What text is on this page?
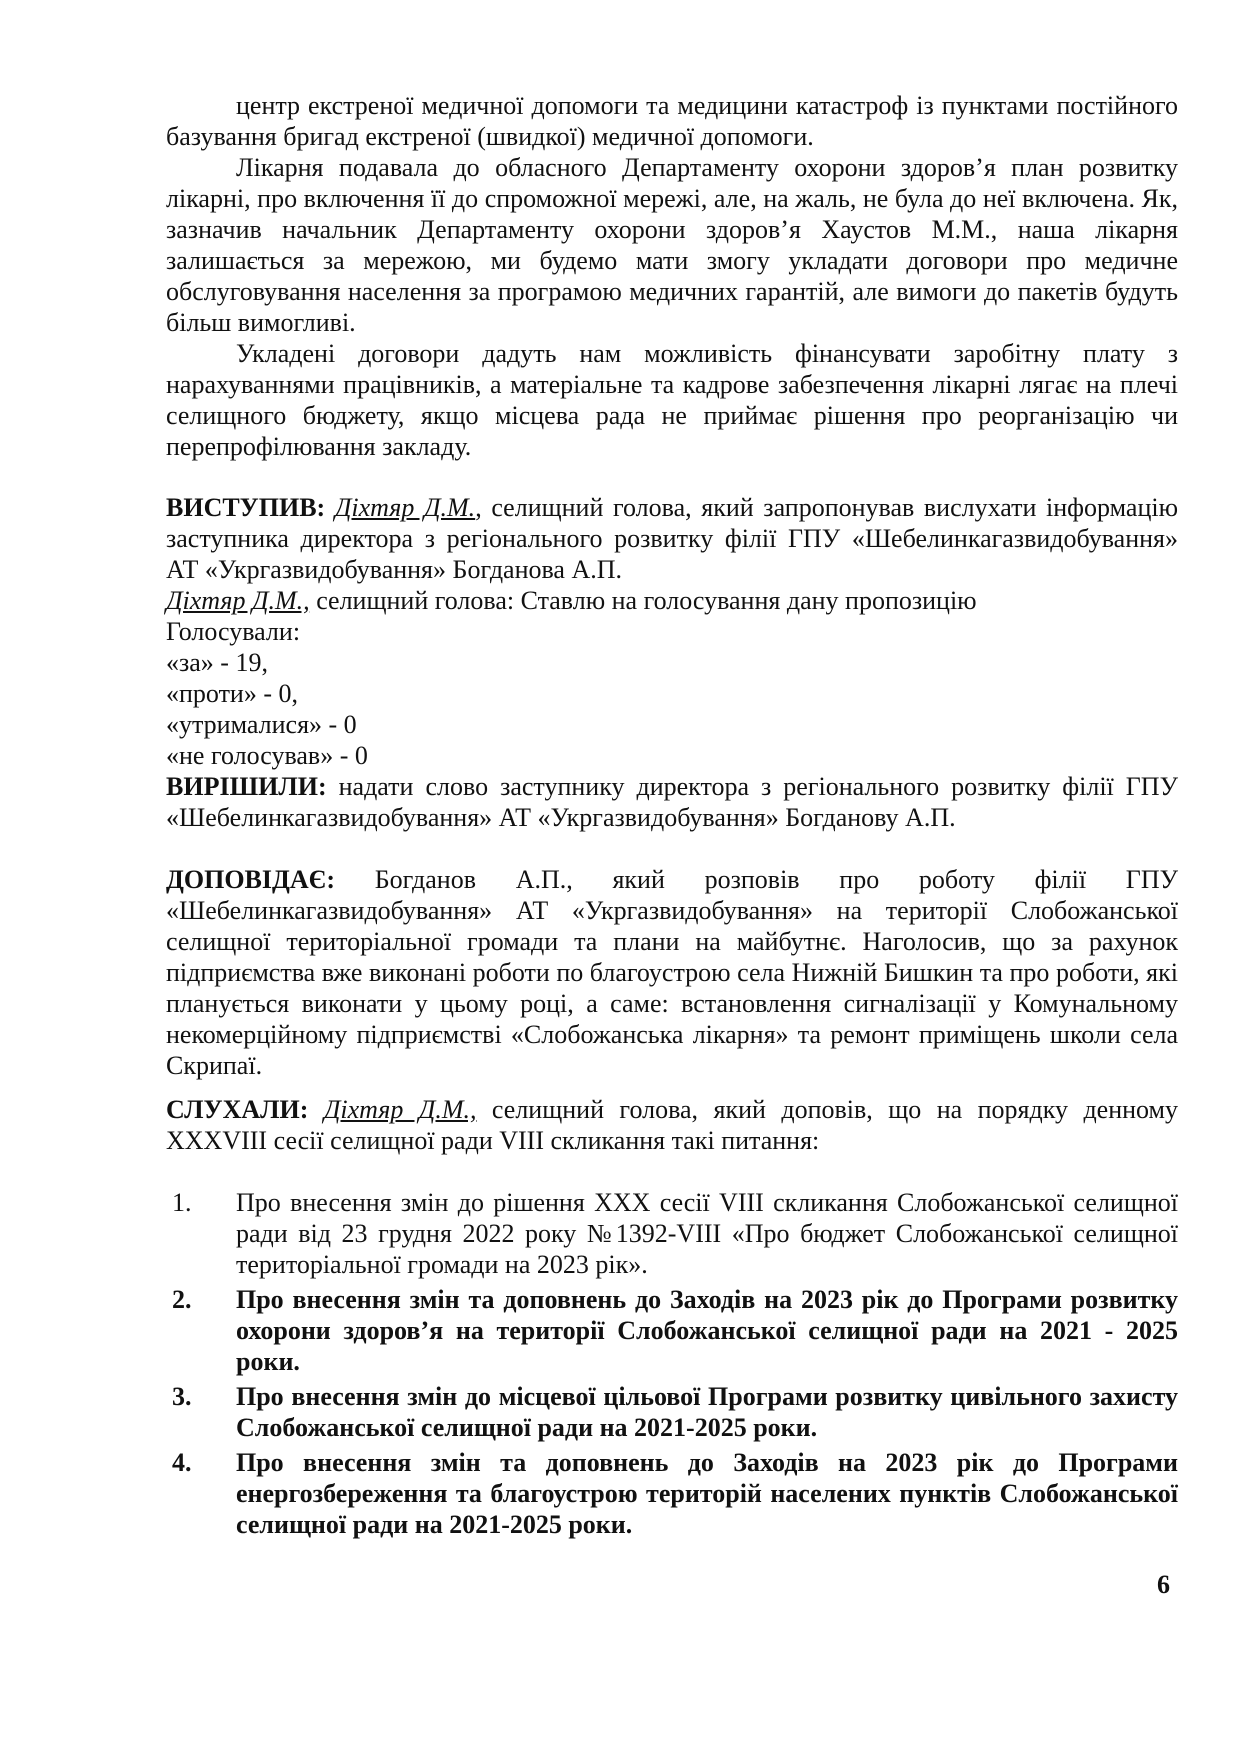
центр екстреної медичної допомоги та медицини катастроф із пунктами постійного базування бригад екстреної (швидкої) медичної допомоги.

Лікарня подавала до обласного Департаменту охорони здоров’я план розвитку лікарні, про включення її до спроможної мережі, але, на жаль, не була до неї включена. Як, зазначив начальник Департаменту охорони здоров’я Хаустов М.М., наша лікарня залишається за мережою, ми будемо мати змогу укладати договори про медичне обслуговування населення за програмою медичних гарантій, але вимоги до пакетів будуть більш вимогливі.

Укладені договори дадуть нам можливість фінансувати заробітну плату з нарахуваннями працівників, а матеріальне та кадрове забезпечення лікарні лягає на плечі селищного бюджету, якщо місцева рада не приймає рішення про реорганізацію чи перепрофілювання закладу.

ВИСТУПИВ: Діхтяр Д.М., селищний голова, який запропонував вислухати інформацію заступника директора з регіонального розвитку філії ГПУ «Шебелинкагазвидобування» АТ «Укргазвидобування» Богданова А.П.

Діхтяр Д.М., селищний голова: Ставлю на голосування дану пропозицію

Голосували:

«за» - 19,

«проти» - 0,

«утрималися» - 0

«не голосував» - 0

ВИРІШИЛИ: надати слово заступнику директора з регіонального розвитку філії ГПУ «Шебелинкагазвидобування» АТ «Укргазвидобування» Богданову А.П.

ДОПОВІДАЄ: Богданов А.П., який розповів про роботу філії ГПУ «Шебелинкагазвидобування» АТ «Укргазвидобування» на території Слобожанської селищної територіальної громади та плани на майбутнє. Наголосив, що за рахунок підприємства вже виконані роботи по благоустрою села Нижній Бишкин та про роботи, які планується виконати у цьому році, а саме: встановлення сигналізації у Комунальному некомерційному підприємстві «Слобожанська лікарня» та ремонт приміщень школи села Скрипаї.

СЛУХАЛИ: Діхтяр Д.М., селищний голова, який доповів, що на порядку денному XXXVIII сесії селищної ради VIII скликання такі питання:

1. Про внесення змін до рішення XXX сесії VIII скликання Слобожанської селищної ради від 23 грудня 2022 року №1392-VIII «Про бюджет Слобожанської селищної територіальної громади на 2023 рік».
2. Про внесення змін та доповнень до Заходів на 2023 рік до Програми розвитку охорони здоров’я на території Слобожанської селищної ради на 2021 - 2025 роки.
3. Про внесення змін до місцевої цільової Програми розвитку цивільного захисту Слобожанської селищної ради на 2021-2025 роки.
4. Про внесення змін та доповнень до Заходів на 2023 рік до Програми енергозбереження та благоустрою територій населених пунктів Слобожанської селищної ради на 2021-2025 роки.
6
